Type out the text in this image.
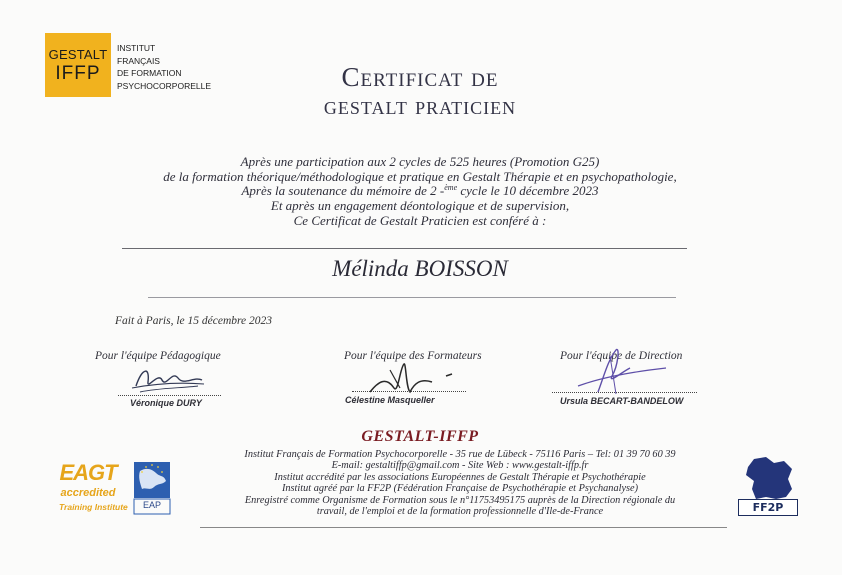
GESTALT
IFFP
INSTITUT
FRANÇAIS
DE FORMATION
PSYCHOCORPORELLE	Certificat de
gestalt praticien
Après une participation aux 2 cycles de 525 heures (Promotion G25)
de la formation théorique/méthodologique et pratique en Gestalt Thérapie et en psychopathologie,
Après la soutenance du mémoire de 2 -$^{ème}$ cycle le 10 décembre 2023
Et après un engagement déontologique et de supervision,
Ce Certificat de Gestalt Praticien est conféré à :
Mélinda BOISSON
Fait à Paris, le 15 décembre 2023
Pour l'équipe Pédagogique	Pour l'équipe des Formateurs	Pour l'équipe de Direction
Véronique DURY	Célestine Masqueller	Ursula BECART-BANDELOW
GESTALT-IFFP
Institut Français de Formation Psychocorporelle - 35 rue de Lübeck - 75116 Paris – Tel: 01 39 70 60 39
E-mail: gestaltiffp@gmail.com - Site Web : www.gestalt-iffp.fr
Institut accrédité par les associations Européennes de Gestalt Thérapie et Psychothérapie
Institut agréé par la FF2P (Fédération Française de Psychothérapie et Psychanalyse)
Enregistré comme Organisme de Formation sous le n°11753495175 auprès de la Direction régionale du
travail, de l'emploi et de la formation professionnelle d'Ile-de-France
EAGT
accredited
Training Institute	EAP	FF2P
